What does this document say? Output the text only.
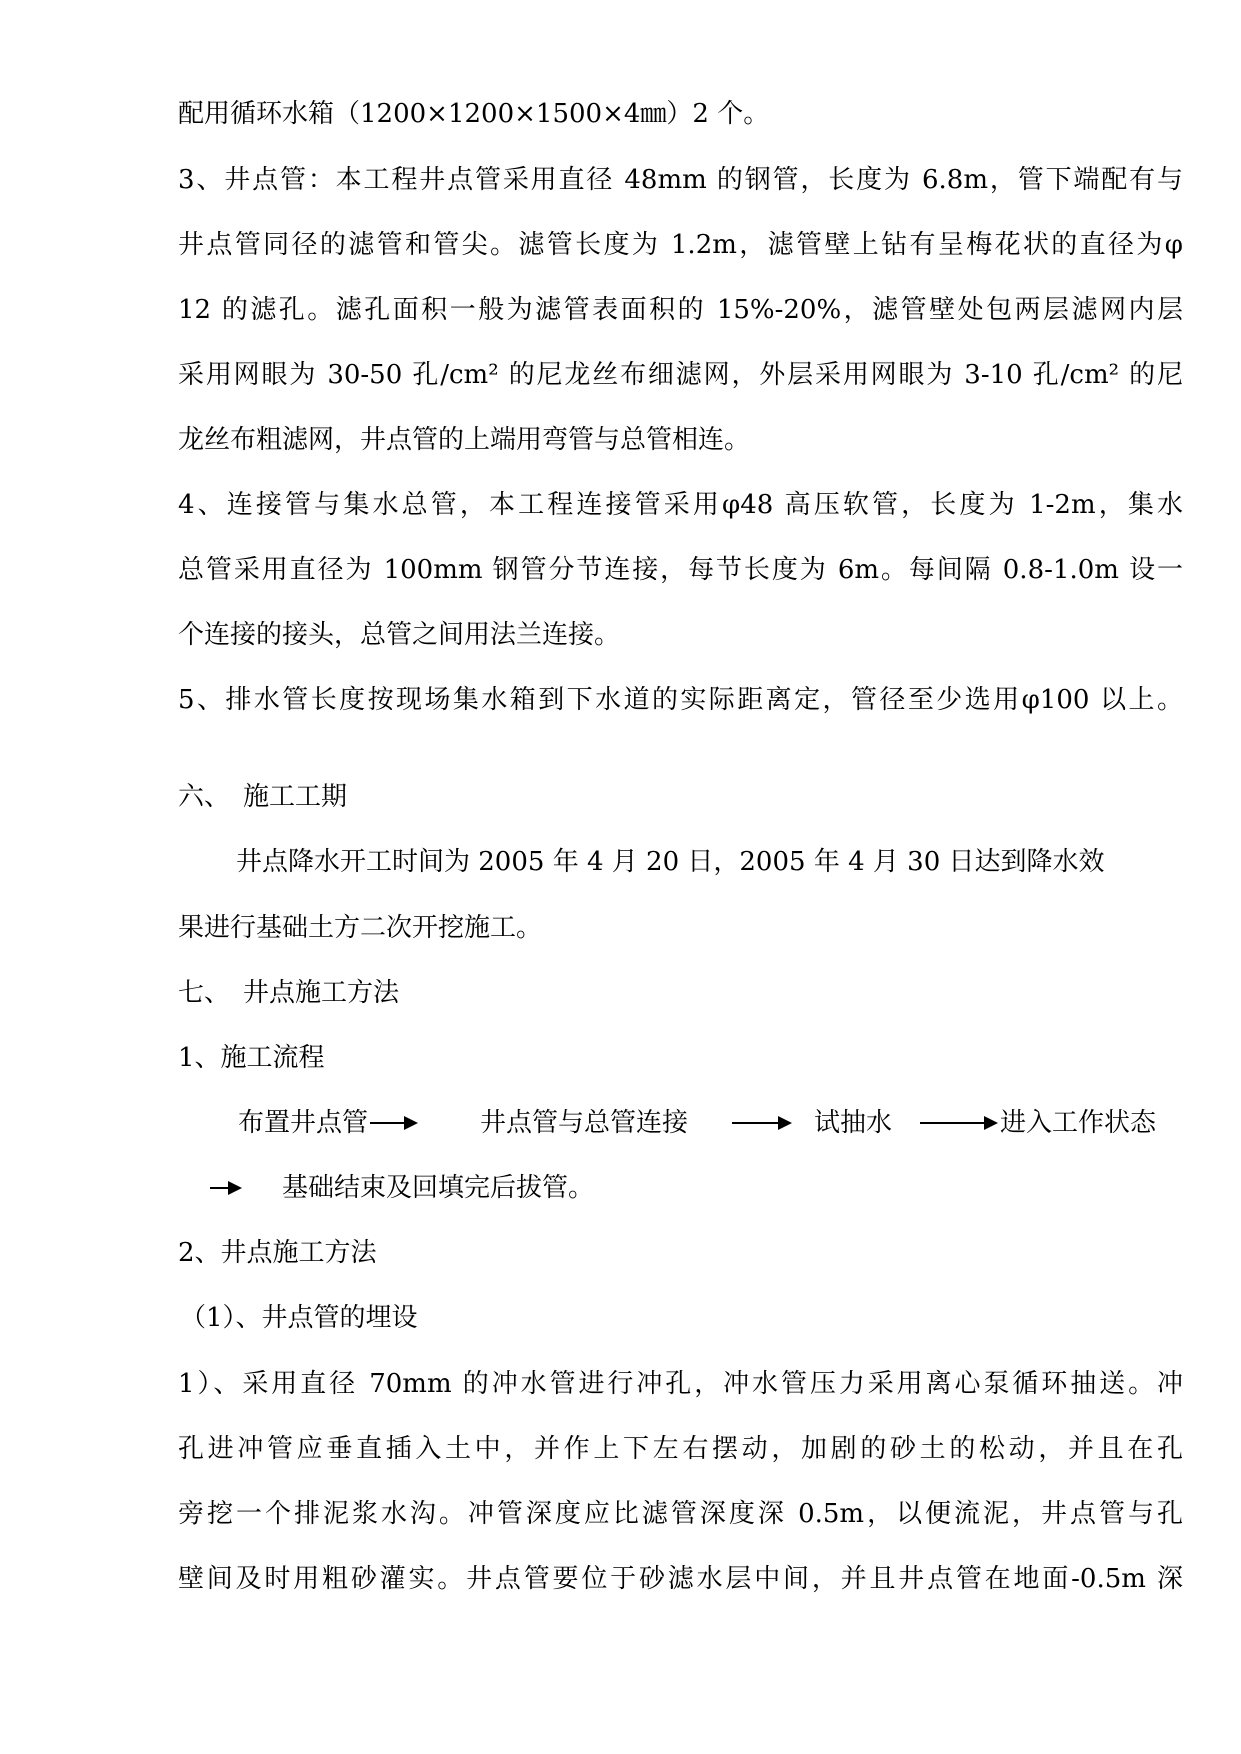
配用循环水箱（1200×1200×1500×4㎜）2 个。
3、井点管：本工程井点管采用直径 48mm 的钢管，长度为 6.8m，管下端配有与
井点管同径的滤管和管尖。滤管长度为 1.2m，滤管壁上钻有呈梅花状的直径为φ
12 的滤孔。滤孔面积一般为滤管表面积的 15%-20%，滤管壁处包两层滤网内层
采用网眼为 30-50 孔/cm² 的尼龙丝布细滤网，外层采用网眼为 3-10 孔/cm² 的尼
龙丝布粗滤网，井点管的上端用弯管与总管相连。
4、连接管与集水总管，本工程连接管采用φ48 高压软管，长度为 1-2m，集水
总管采用直径为 100mm 钢管分节连接，每节长度为 6m。每间隔 0.8-1.0m 设一
个连接的接头，总管之间用法兰连接。
5、排水管长度按现场集水箱到下水道的实际距离定，管径至少选用φ100 以上。
六、　施工工期
井点降水开工时间为 2005 年 4 月 20 日，2005 年 4 月 30 日达到降水效
果进行基础土方二次开挖施工。
七、　井点施工方法
1、施工流程
布置井点管	井点管与总管连接	试抽水	进入工作状态
基础结束及回填完后拔管。
2、井点施工方法
（1）、井点管的埋设
1）、采用直径 70mm 的冲水管进行冲孔，冲水管压力采用离心泵循环抽送。冲
孔进冲管应垂直插入土中，并作上下左右摆动，加剧的砂土的松动，并且在孔
旁挖一个排泥浆水沟。冲管深度应比滤管深度深 0.5m，以便流泥，井点管与孔
壁间及时用粗砂灌实。井点管要位于砂滤水层中间，并且井点管在地面-0.5m 深
